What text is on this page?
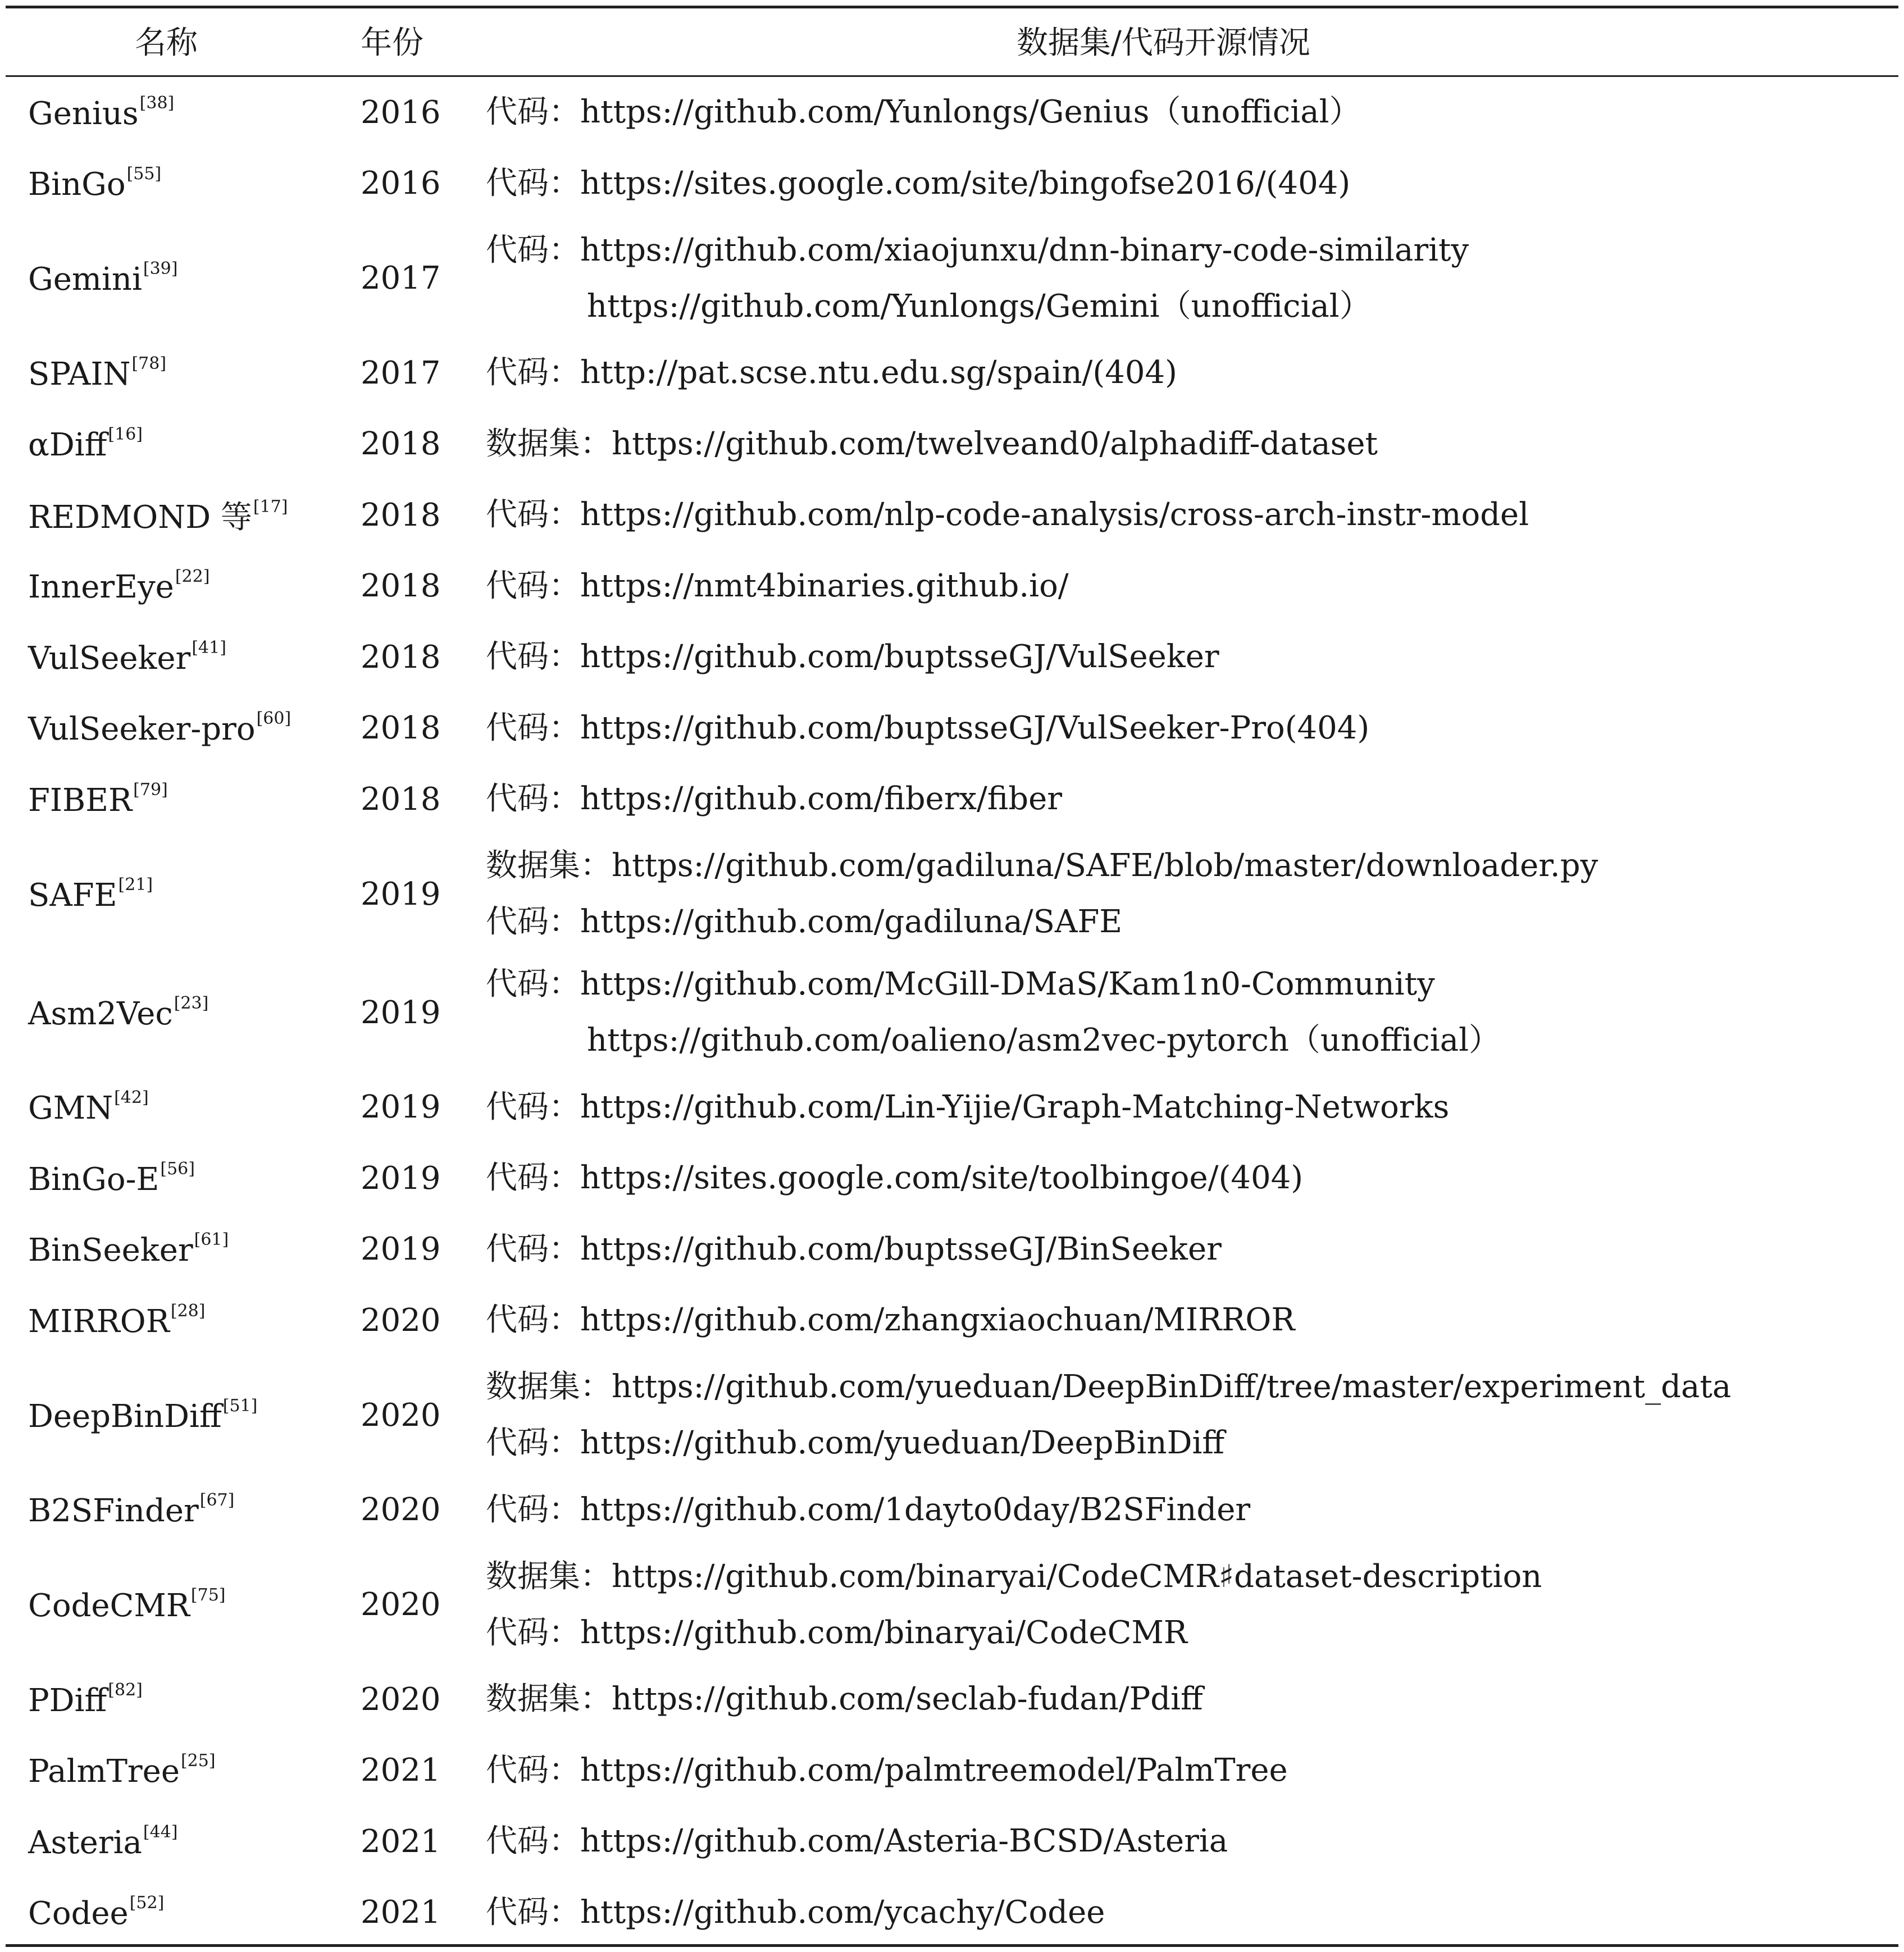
名称	年份	数据集/代码开源情况
Genius[38]	2016 代码：https://github.com/Yunlongs/Genius（unofficial）
BinGo[55]	2016 代码：https://sites.google.com/site/bingofse2016/(404)
Gemini[39]	2017
代码：https://github.com/xiaojunxu/dnn-binary-code-similarity
https://github.com/Yunlongs/Gemini（unofficial）
SPAIN[78]	2017 代码：http://pat.scse.ntu.edu.sg/spain/(404)
αDiff[16]	2018 数据集：https://github.com/twelveand0/alphadiff-dataset
REDMOND 等[17] 2018 代码：https://github.com/nlp-code-analysis/cross-arch-instr-model
InnerEye[22]	2018 代码：https://nmt4binaries.github.io/
VulSeeker[41]	2018 代码：https://github.com/buptsseGJ/VulSeeker
VulSeeker-pro[60] 2018 代码：https://github.com/buptsseGJ/VulSeeker-Pro(404)
FIBER[79]	2018 代码：https://github.com/fiberx/fiber
SAFE[21]	2019
数据集：https://github.com/gadiluna/SAFE/blob/master/downloader.py
代码：https://github.com/gadiluna/SAFE
Asm2Vec[23]	2019
代码：https://github.com/McGill-DMaS/Kam1n0-Community
https://github.com/oalieno/asm2vec-pytorch（unofficial）
GMN[42]	2019 代码：https://github.com/Lin-Yijie/Graph-Matching-Networks
BinGo-E[56]	2019 代码：https://sites.google.com/site/toolbingoe/(404)
BinSeeker[61]	2019 代码：https://github.com/buptsseGJ/BinSeeker
MIRROR[28]	2020 代码：https://github.com/zhangxiaochuan/MIRROR
DeepBinDiff[51]	2020
数据集：https://github.com/yueduan/DeepBinDiff/tree/master/experiment_data
代码：https://github.com/yueduan/DeepBinDiff
B2SFinder[67]	2020 代码：https://github.com/1dayto0day/B2SFinder
CodeCMR[75]	2020
数据集：https://github.com/binaryai/CodeCMR♯dataset-description
代码：https://github.com/binaryai/CodeCMR
PDiff[82]	2020 数据集：https://github.com/seclab-fudan/Pdiff
PalmTree[25]	2021 代码：https://github.com/palmtreemodel/PalmTree
Asteria[44]	2021 代码：https://github.com/Asteria-BCSD/Asteria
Codee[52]	2021 代码：https://github.com/ycachy/Codee
